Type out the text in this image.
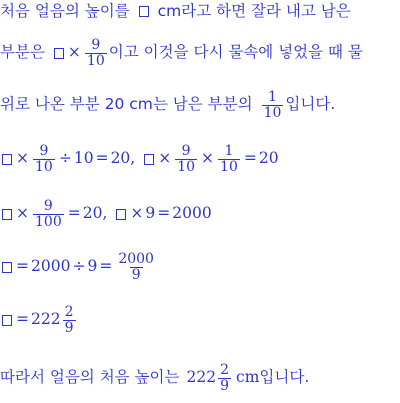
처음 얼음의 높이를 cm라고 하면 잘라 내고 남은
부분은 × $\frac{9}{10}$ 이고 이것을 다시 물속에 넣었을 때 물
위로 나온 부분 20 cm는 남은 부분의 $\frac{1}{10}$ 입니다.
× $\frac{9}{10} \div 10 = 20$, × $\frac{9}{10} \times \frac{1}{10} = 20$
× $\frac{9}{100} = 20$, × 9 = 2000
= $2000 \div 9 = \frac{2000}{9}$
= $222 \frac{2}{9}$
따라서 얼음의 처음 높이는 $222 \frac{2}{9}$ cm 입니다.
